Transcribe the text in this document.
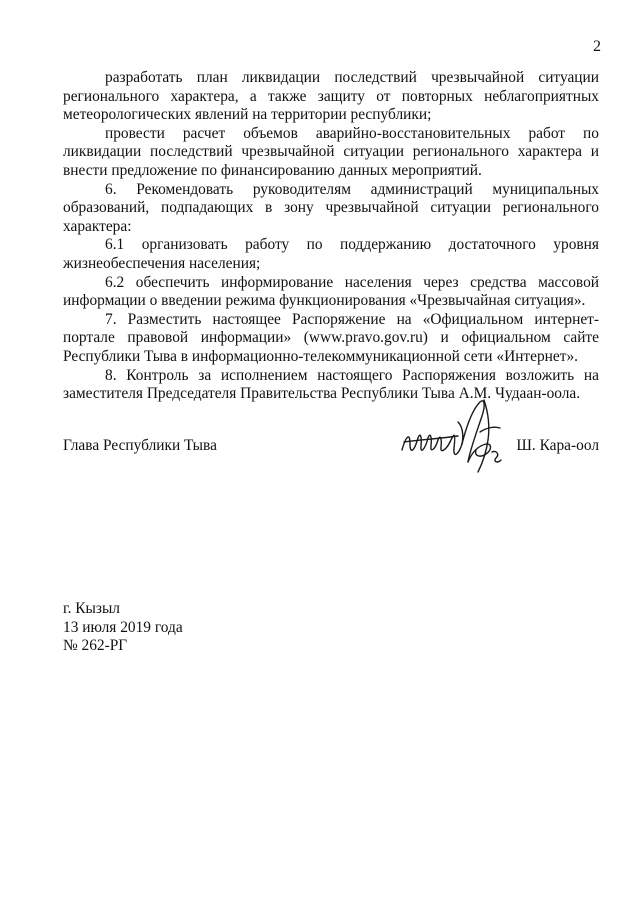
2

разработать план ликвидации последствий чрезвычайной ситуации регионального характера, а также защиту от повторных неблагоприятных метеорологических явлений на территории республики;

провести расчет объемов аварийно-восстановительных работ по ликвидации последствий чрезвычайной ситуации регионального характера и внести предложение по финансированию данных мероприятий.

6. Рекомендовать руководителям администраций муниципальных образований, подпадающих в зону чрезвычайной ситуации регионального характера:

6.1 организовать работу по поддержанию достаточного уровня жизнеобеспечения населения;

6.2 обеспечить информирование населения через средства массовой информации о введении режима функционирования «Чрезвычайная ситуация».

7. Разместить настоящее Распоряжение на «Официальном интернет-портале правовой информации» (www.pravo.gov.ru) и официальном сайте Республики Тыва в информационно-телекоммуникационной сети «Интернет».

8. Контроль за исполнением настоящего Распоряжения возложить на заместителя Председателя Правительства Республики Тыва А.М. Чудаан-оола.

Глава Республики Тыва	Ш. Кара-оол
г. Кызыл
13 июля 2019 года
№ 262-РГ
